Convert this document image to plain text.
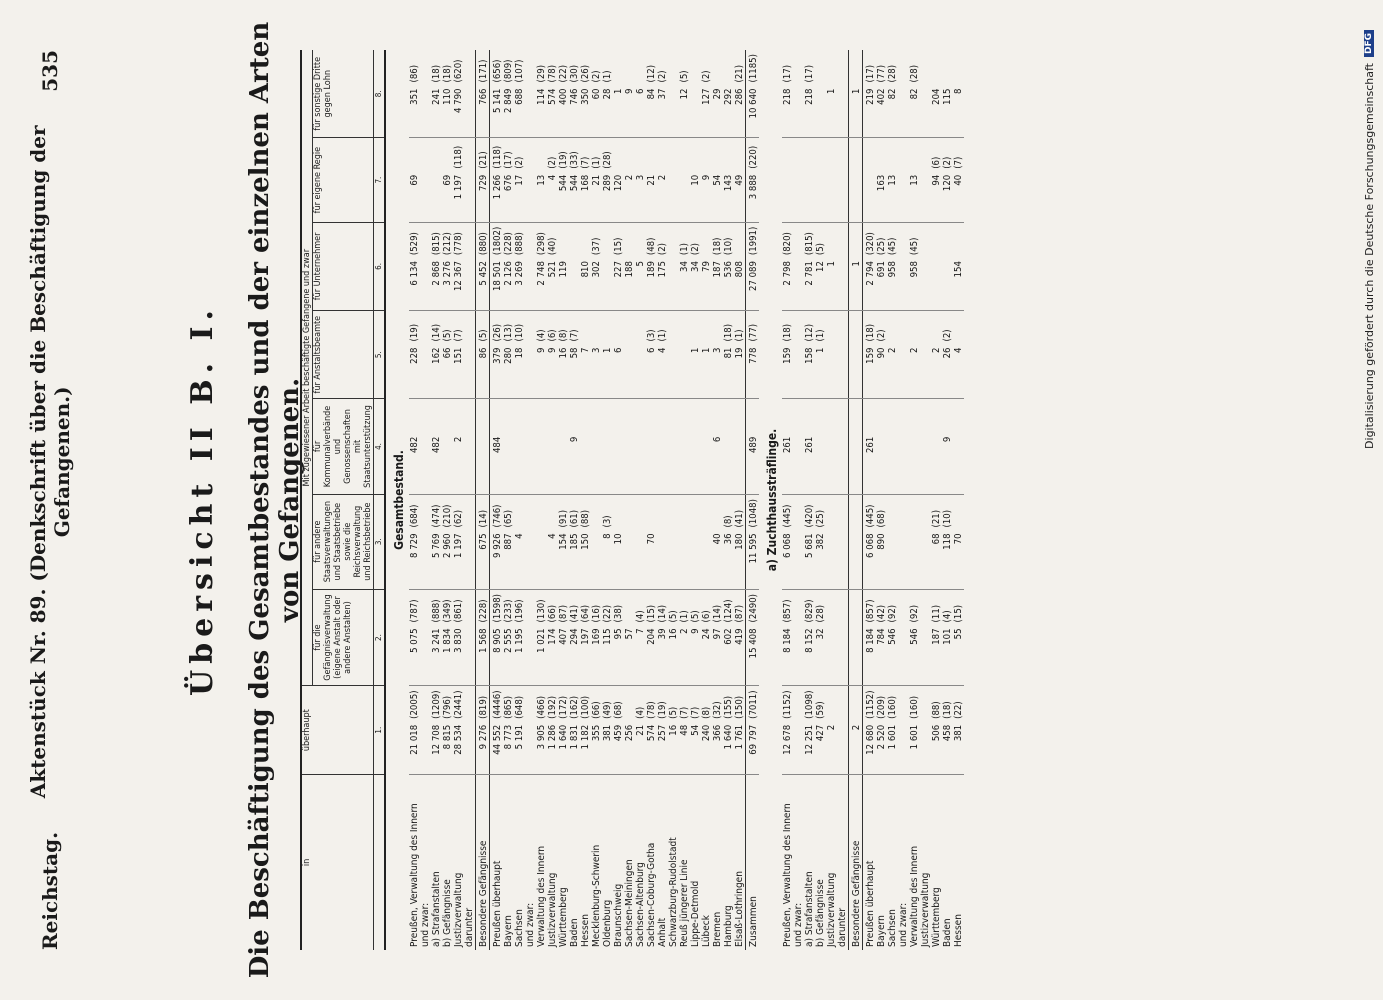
Reichstag.
Aktenstück Nr. 89. (Denkschrift über die Beschäftigung der Gefangenen.)
535
Übersicht II B. I. Die Beschäftigung des Gesamtbestandes und der einzelnen Arten von Gefangenen.
in	überhaupt		Mit zugewiesener Arbeit beschäftigte Gefangene und zwar													
			für die Gefängnisverwaltung (eigene Anstalt oder andere Anstalten)		für andere Staatsverwaltungen und Staatsbetriebe sowie die Reichsverwaltung und Reichsbetriebe		für Kommunalverbände und Genossenschaften mit Staatsunterstützung		für Anstaltsbeamte		für Unternehmer		für eigene Regie		für sonstige Dritte gegen Lohn	
	1.		2.		3.		4.		5.		6.		7.		8.	
Gesamtbestand.																
Preußen, Verwaltung des Innern	21 018	(2005)	5 075	(787)	8 729	(684)	482		228	(19)	6 134	(529)	69		351	(86)
und zwar:																
a) Strafanstalten	12 708	(1209)	3 241	(888)	5 769	(474)	482		162	(14)	2 868	(815)			241	(18)
b) Gefängnisse	8 815	(796)	1 834	(349)	2 960	(210)			66	(5)	3 276	(212)	69		110	(18)
Justizverwaltung	28 534	(2441)	3 830	(861)	1 197	(62)	2		151	(7)	12 367	(778)	1 197	(118)	4 790	(620)
darunter																
Besondere Gefängnisse	9 276	(819)	1 568	(228)	675	(14)			86	(5)	5 452	(880)	729	(21)	766	(171)
Preußen überhaupt	44 552	(4446)	8 905	(1598)	9 926	(746)	484		379	(26)	18 501	(1802)	1 266	(118)	5 141	(656)
Bayern	8 773	(865)	2 555	(233)	887	(65)			280	(13)	2 126	(228)	676	(17)	2 849	(809)
Sachsen	5 191	(648)	1 195	(196)	4				18	(10)	3 269	(888)	17	(2)	688	(107)
und zwar:																
Verwaltung des Innern	3 905	(466)	1 021	(130)					9	(4)	2 748	(298)	13		114	(29)
Justizverwaltung	1 286	(192)	174	(66)	4				9	(6)	521	(40)	4	(2)	574	(78)
Württemberg	1 640	(172)	407	(87)	154	(91)			16	(8)	119		544	(19)	400	(22)
Baden	1 831	(162)	294	(41)	185	(61)	9		58	(7)			544	(33)	746	(30)
Hessen	1 182	(100)	197	(64)	150	(88)			7		810		168	(7)	350	(26)
Mecklenburg-Schwerin	355	(66)	169	(16)					3		302	(37)	21	(1)	60	(2)
Oldenburg	381	(49)	115	(22)	8	(3)			1				289	(28)	28	(1)
Braunschweig	459	(68)	95	(38)	10				6		227	(15)	120		1	
Sachsen-Meiningen	256		57								188		2		9	
Sachsen-Altenburg	21	(4)	7	(4)							5		3		6	
Sachsen-Coburg-Gotha	574	(78)	204	(15)	70				6	(3)	189	(48)	21		84	(12)
Anhalt	257	(19)	39	(14)					4	(1)	175	(2)	2		37	(2)
Schwarzburg-Rudolstadt	16	(5)	16	(5)												
Reuß jüngerer Linie	48	(7)	2	(1)							34	(1)			12	(5)
Lippe-Detmold	54	(7)	9	(5)					1		34	(2)	10			
Lübeck	240	(8)	24	(6)					1		79		9		127	(2)
Bremen	366	(32)	97	(14)	40		6		3		187	(18)	54		29	
Hamburg	1 640	(155)	602	(124)	36	(8)			81	(18)	536	(10)	143		292	
Elsaß-Lothringen	1 761	(150)	419	(87)	180	(41)			19	(1)	808		49		286	(21)
Zusammen	69 797	(7011)	15 408	(2490)	11 595	(1048)	489		778	(77)	27 089	(1991)	3 888	(220)	10 640	(1185)
a) Zuchthaussträflinge.																
Preußen, Verwaltung des Innern	12 678	(1152)	8 184	(857)	6 068	(445)	261		159	(18)	2 798	(820)			218	(17)
und zwar:																
a) Strafanstalten	12 251	(1098)	8 152	(829)	5 681	(420)	261		158	(12)	2 781	(815)			218	(17)
b) Gefängnisse	427	(59)	32	(28)	382	(25)			1	(1)	12	(5)				
Justizverwaltung	2										1				1	
darunter																
Besondere Gefängnisse	2										1				1	
Preußen überhaupt	12 680	(1152)	8 184	(857)	6 068	(445)	261		159	(18)	2 794	(320)			219	(17)
Bayern	2 520	(209)	784	(42)	890	(68)			90	(2)	691	(25)	163		402	(77)
Sachsen	1 601	(160)	546	(92)					2		958	(45)	13		82	(28)
und zwar:																
Verwaltung des Innern	1 601	(160)	546	(92)					2		958	(45)	13		82	(28)
Justizverwaltung																
Württemberg	506	(88)	187	(11)	68	(21)			2				94	(6)	204	
Baden	458	(18)	101	(4)	118	(10)	9		26	(2)			120	(2)	115	
Hessen	381	(22)	55	(15)	70				4		154		40	(7)	8		Digitalisierung gefördert durch die Deutsche Forschungsgemeinschaft
DFG
